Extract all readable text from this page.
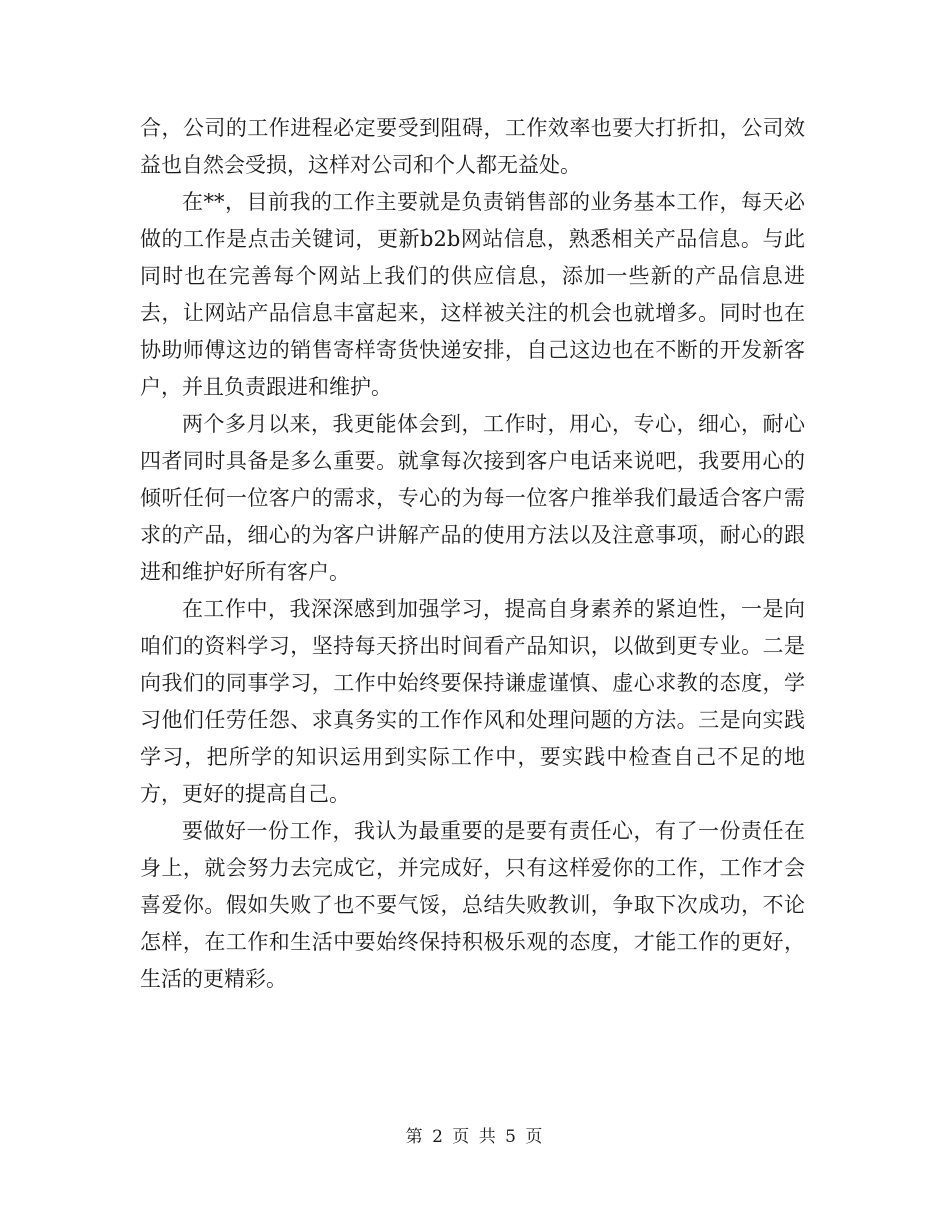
合，公司的工作进程必定要受到阻碍，工作效率也要大打折扣，公司效益也自然会受损，这样对公司和个人都无益处。

在**，目前我的工作主要就是负责销售部的业务基本工作，每天必做的工作是点击关键词，更新b2b网站信息，熟悉相关产品信息。与此同时也在完善每个网站上我们的供应信息，添加一些新的产品信息进去，让网站产品信息丰富起来，这样被关注的机会也就增多。同时也在协助师傅这边的销售寄样寄货快递安排，自己这边也在不断的开发新客户，并且负责跟进和维护。

两个多月以来，我更能体会到，工作时，用心，专心，细心，耐心四者同时具备是多么重要。就拿每次接到客户电话来说吧，我要用心的倾听任何一位客户的需求，专心的为每一位客户推举我们最适合客户需求的产品，细心的为客户讲解产品的使用方法以及注意事项，耐心的跟进和维护好所有客户。

在工作中，我深深感到加强学习，提高自身素养的紧迫性，一是向咱们的资料学习，坚持每天挤出时间看产品知识，以做到更专业。二是向我们的同事学习，工作中始终要保持谦虚谨慎、虚心求教的态度，学习他们任劳任怨、求真务实的工作作风和处理问题的方法。三是向实践学习，把所学的知识运用到实际工作中，要实践中检查自己不足的地方，更好的提高自己。

要做好一份工作，我认为最重要的是要有责任心，有了一份责任在身上，就会努力去完成它，并完成好，只有这样爱你的工作，工作才会喜爱你。假如失败了也不要气馁，总结失败教训，争取下次成功，不论怎样，在工作和生活中要始终保持积极乐观的态度，才能工作的更好，生活的更精彩。

第 2 页 共 5 页
